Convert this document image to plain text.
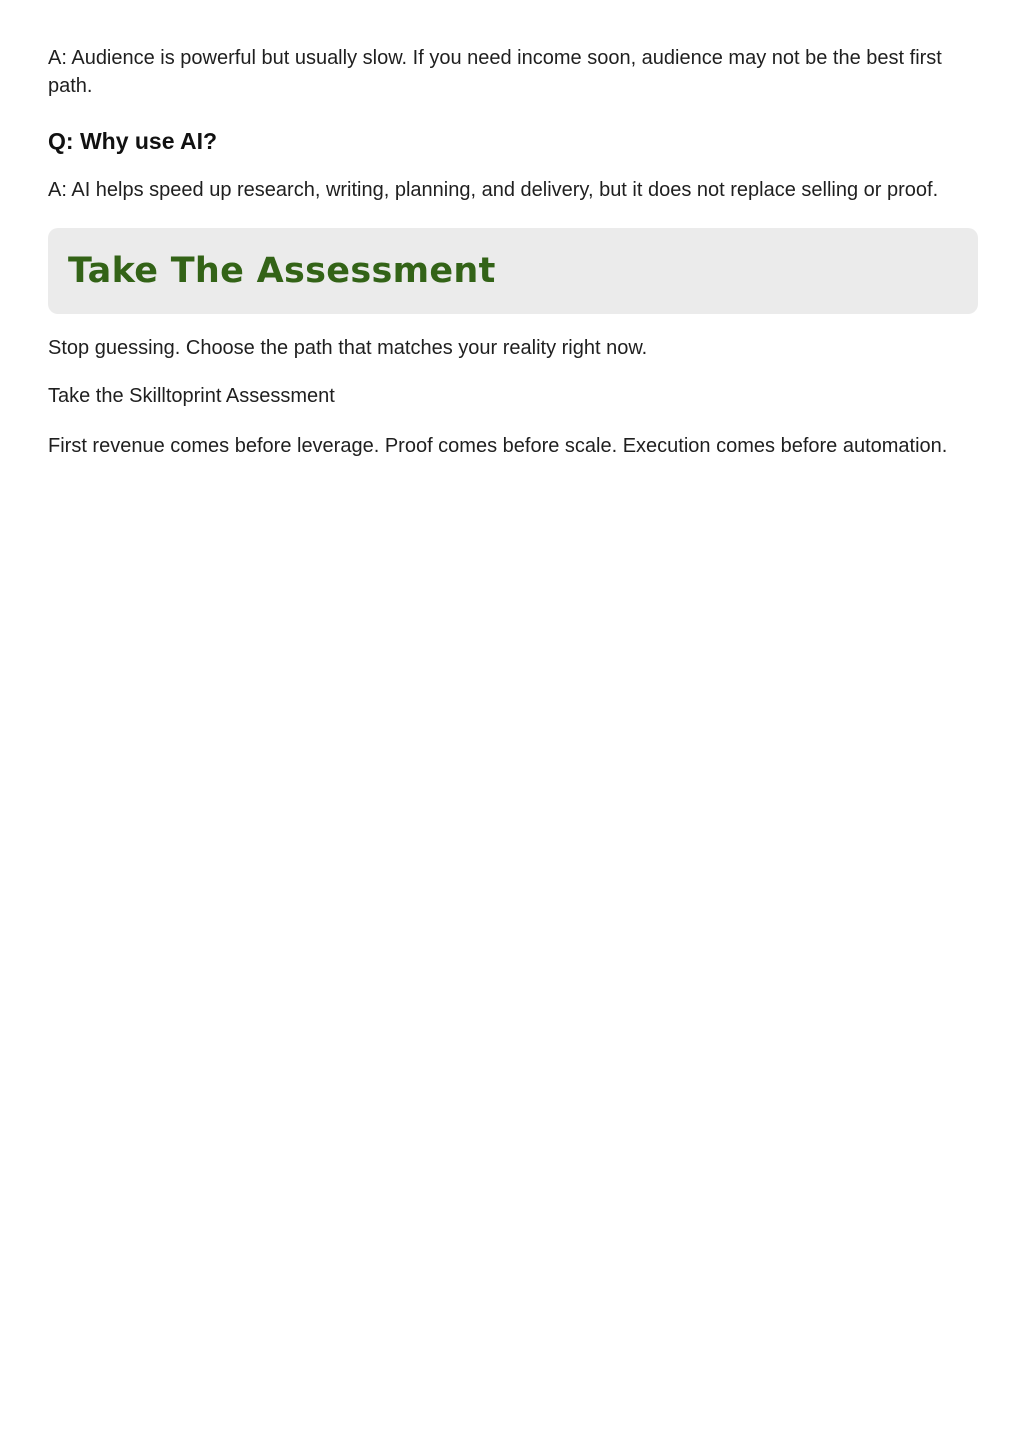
A: Audience is powerful but usually slow. If you need income soon, audience may not be the best first path.

Q: Why use AI?

A: AI helps speed up research, writing, planning, and delivery, but it does not replace selling or proof.

Take The Assessment

Stop guessing. Choose the path that matches your reality right now.

Take the Skilltoprint Assessment

First revenue comes before leverage. Proof comes before scale. Execution comes before automation.
